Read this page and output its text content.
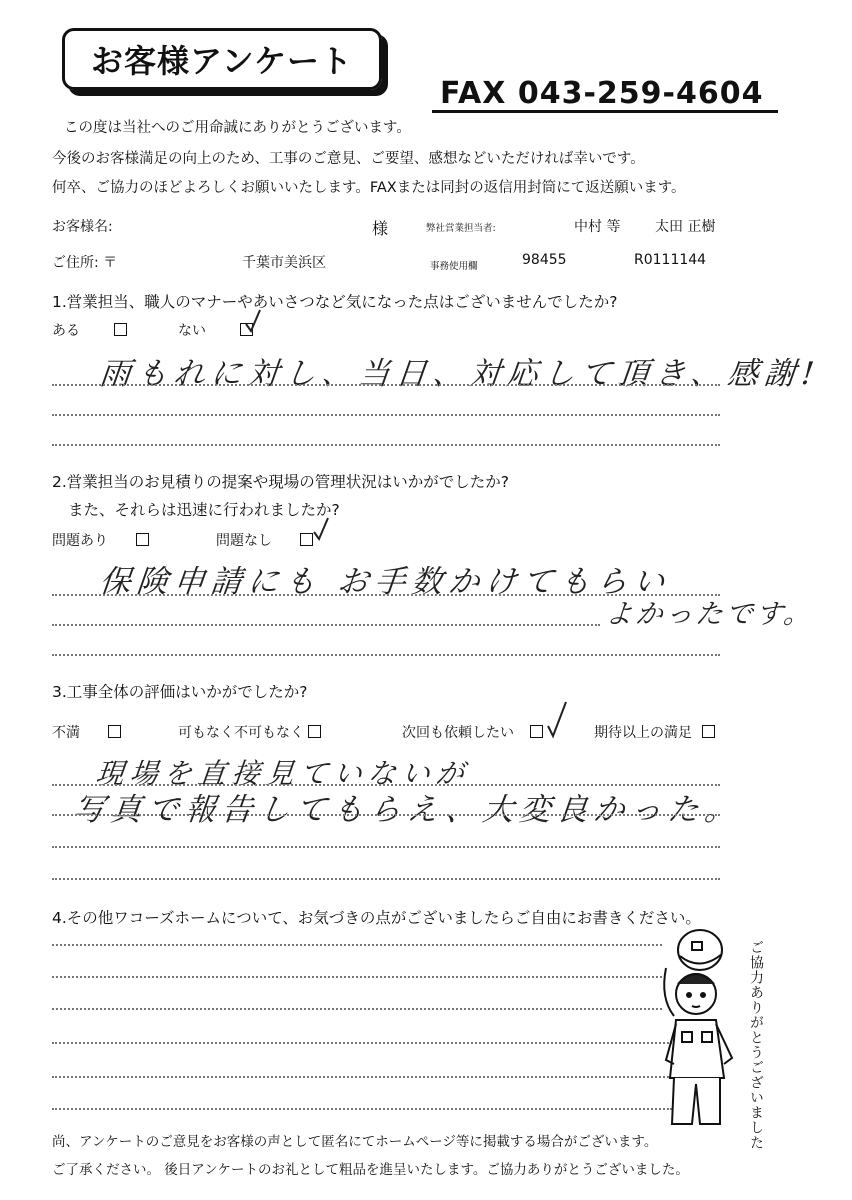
お客様アンケート
FAX 043-259-4604
この度は当社へのご用命誠にありがとうございます。
今後のお客様満足の向上のため、工事のご意見、ご要望、感想などいただければ幸いです。
何卒、ご協力のほどよろしくお願いいたします。FAXまたは同封の返信用封筒にて返送願います。
お客様名:	様	弊社営業担当者:	中村 等 太田 正樹
ご住所: 〒	千葉市美浜区	事務使用欄	98455	R0111144
1.営業担当、職人のマナーやあいさつなど気になった点はございませんでしたか?
ある	ない
雨もれに対し、当日、対応して頂き、感謝!
2.営業担当のお見積りの提案や現場の管理状況はいかがでしたか?
また、それらは迅速に行われましたか?
問題あり	問題なし
保険申請にも お手数かけてもらい
よかったです。
3.工事全体の評価はいかがでしたか?
不満	可もなく不可もなく	次回も依頼したい	期待以上の満足
現場を直接見ていないが
写真で報告してもらえ、大変良かった。
4.その他ワコーズホームについて、お気づきの点がございましたらご自由にお書きください。
ご協力ありがとうございました
尚、アンケートのご意見をお客様の声として匿名にてホームページ等に掲載する場合がございます。
ご了承ください。 後日アンケートのお礼として粗品を進呈いたします。ご協力ありがとうございました。
